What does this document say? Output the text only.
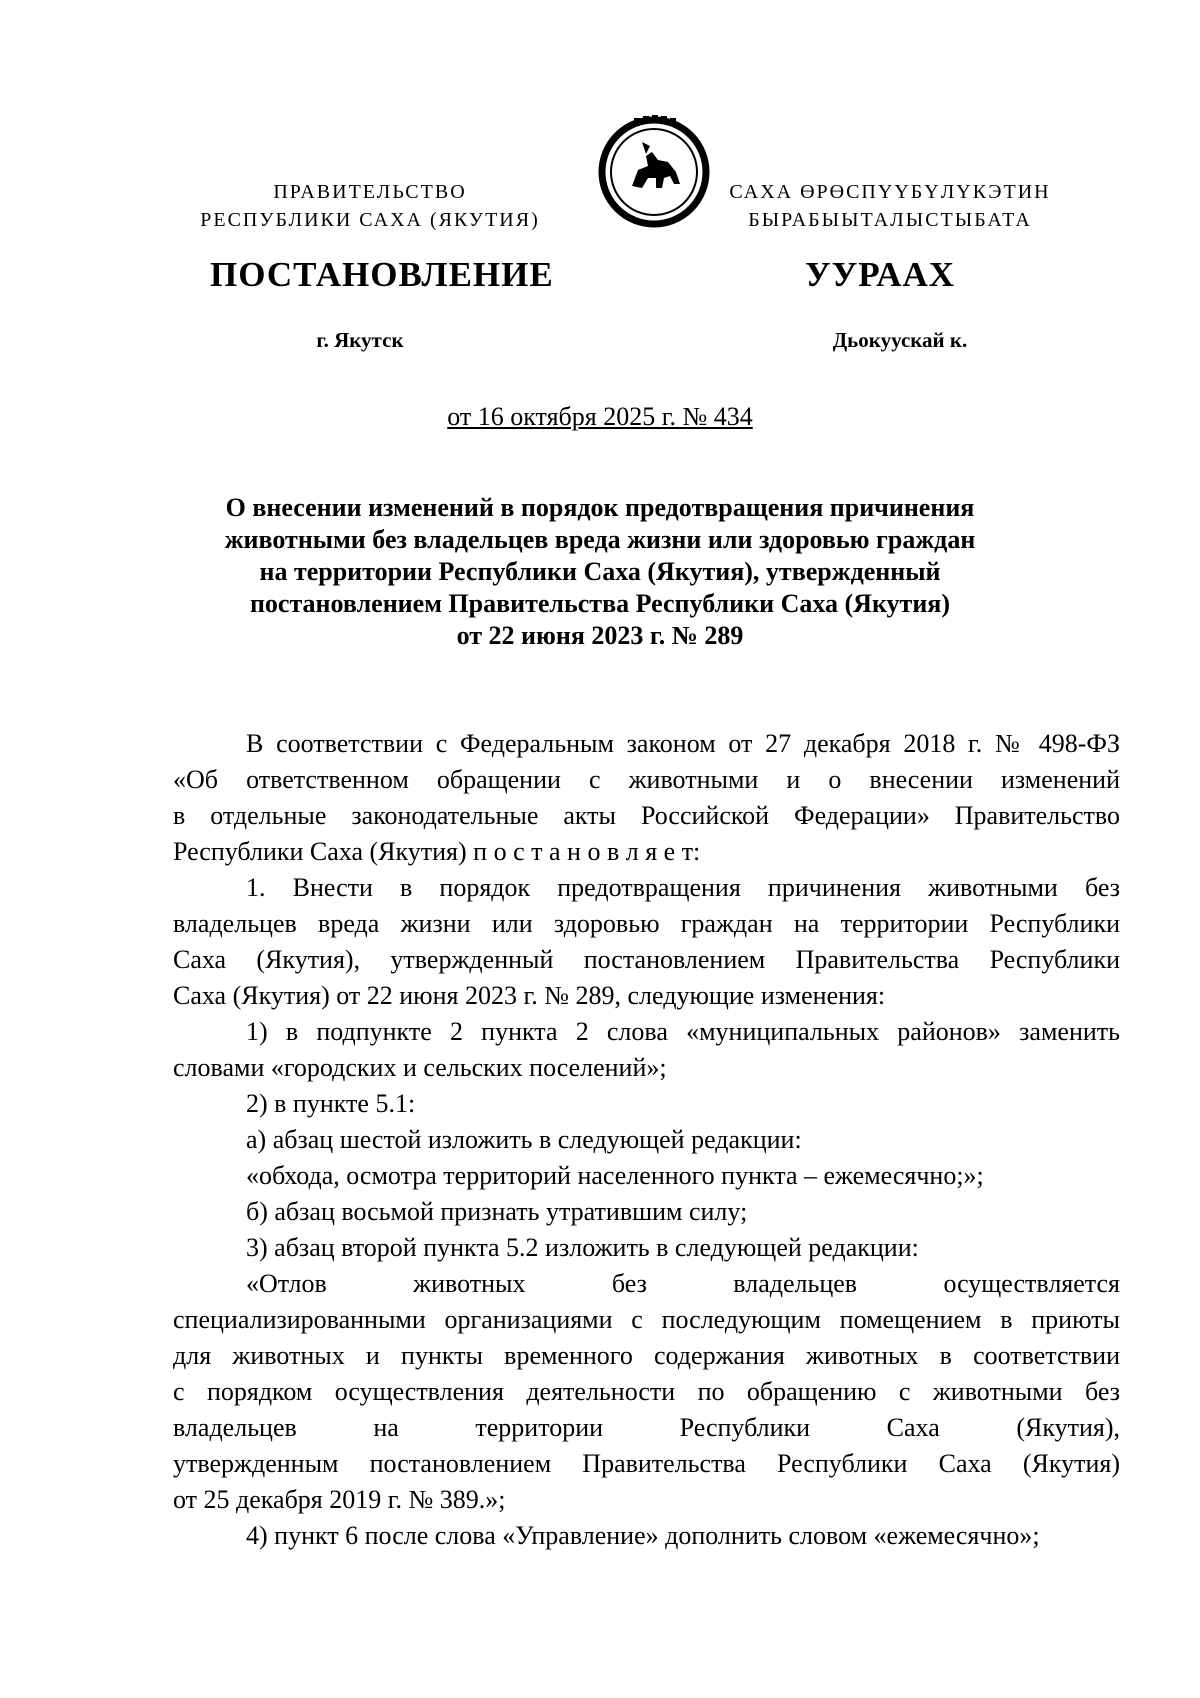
ПРАВИТЕЛЬСТВО
РЕСПУБЛИКИ САХА (ЯКУТИЯ)
САХА ӨРӨСПҮҮБҮЛҮКЭТИН
БЫРАБЫЫТАЛЫСТЫБАТА
ПОСТАНОВЛЕНИЕ	УУРААХ
г. Якутск	Дьокуускай к.
от 16 октября 2025 г. № 434
О внесении изменений в порядок предотвращения причинения
животными без владельцев вреда жизни или здоровью граждан
на территории Республики Саха (Якутия), утвержденный
постановлением Правительства Республики Саха (Якутия)
от 22 июня 2023 г. № 289
В соответствии с Федеральным законом от 27 декабря 2018 г. № 498-ФЗ
«Об ответственном обращении с животными и о внесении изменений
в отдельные законодательные акты Российской Федерации» Правительство
Республики Саха (Якутия) п о с т а н о в л я е т:
1. Внести в порядок предотвращения причинения животными без
владельцев вреда жизни или здоровью граждан на территории Республики
Саха (Якутия), утвержденный постановлением Правительства Республики
Саха (Якутия) от 22 июня 2023 г. № 289, следующие изменения:
1) в подпункте 2 пункта 2 слова «муниципальных районов» заменить
словами «городских и сельских поселений»;
2) в пункте 5.1:
а) абзац шестой изложить в следующей редакции:
«обхода, осмотра территорий населенного пункта – ежемесячно;»;
б) абзац восьмой признать утратившим силу;
3) абзац второй пункта 5.2 изложить в следующей редакции:
«Отлов животных без владельцев осуществляется
специализированными организациями с последующим помещением в приюты
для животных и пункты временного содержания животных в соответствии
с порядком осуществления деятельности по обращению с животными без
владельцев на территории Республики Саха (Якутия),
утвержденным постановлением Правительства Республики Саха (Якутия)
от 25 декабря 2019 г. № 389.»;
4) пункт 6 после слова «Управление» дополнить словом «ежемесячно»;
